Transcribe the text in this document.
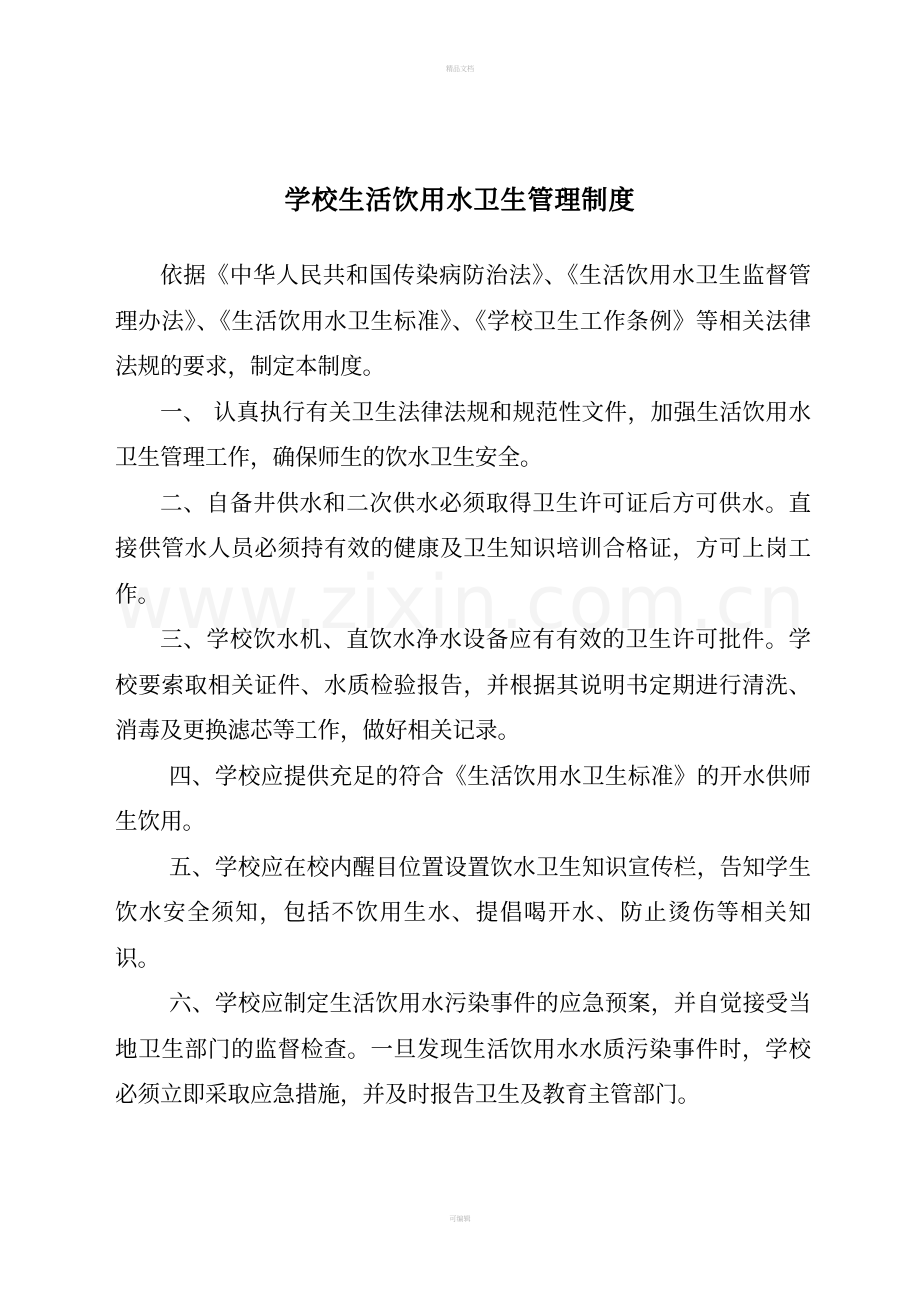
精品文档
学校生活饮用水卫生管理制度

依据《中华人民共和国传染病防治法》、《生活饮用水卫生监督管理办法》、《生活饮用水卫生标准》、《学校卫生工作条例》等相关法律法规的要求，制定本制度。

一、 认真执行有关卫生法律法规和规范性文件，加强生活饮用水卫生管理工作，确保师生的饮水卫生安全。

二、自备井供水和二次供水必须取得卫生许可证后方可供水。直接供管水人员必须持有效的健康及卫生知识培训合格证，方可上岗工作。

三、学校饮水机、直饮水净水设备应有有效的卫生许可批件。学校要索取相关证件、水质检验报告，并根据其说明书定期进行清洗、消毒及更换滤芯等工作，做好相关记录。

四、学校应提供充足的符合《生活饮用水卫生标准》的开水供师生饮用。

五、学校应在校内醒目位置设置饮水卫生知识宣传栏，告知学生饮水安全须知，包括不饮用生水、提倡喝开水、防止烫伤等相关知识。

六、学校应制定生活饮用水污染事件的应急预案，并自觉接受当地卫生部门的监督检查。一旦发现生活饮用水水质污染事件时，学校必须立即采取应急措施，并及时报告卫生及教育主管部门。

可编辑
